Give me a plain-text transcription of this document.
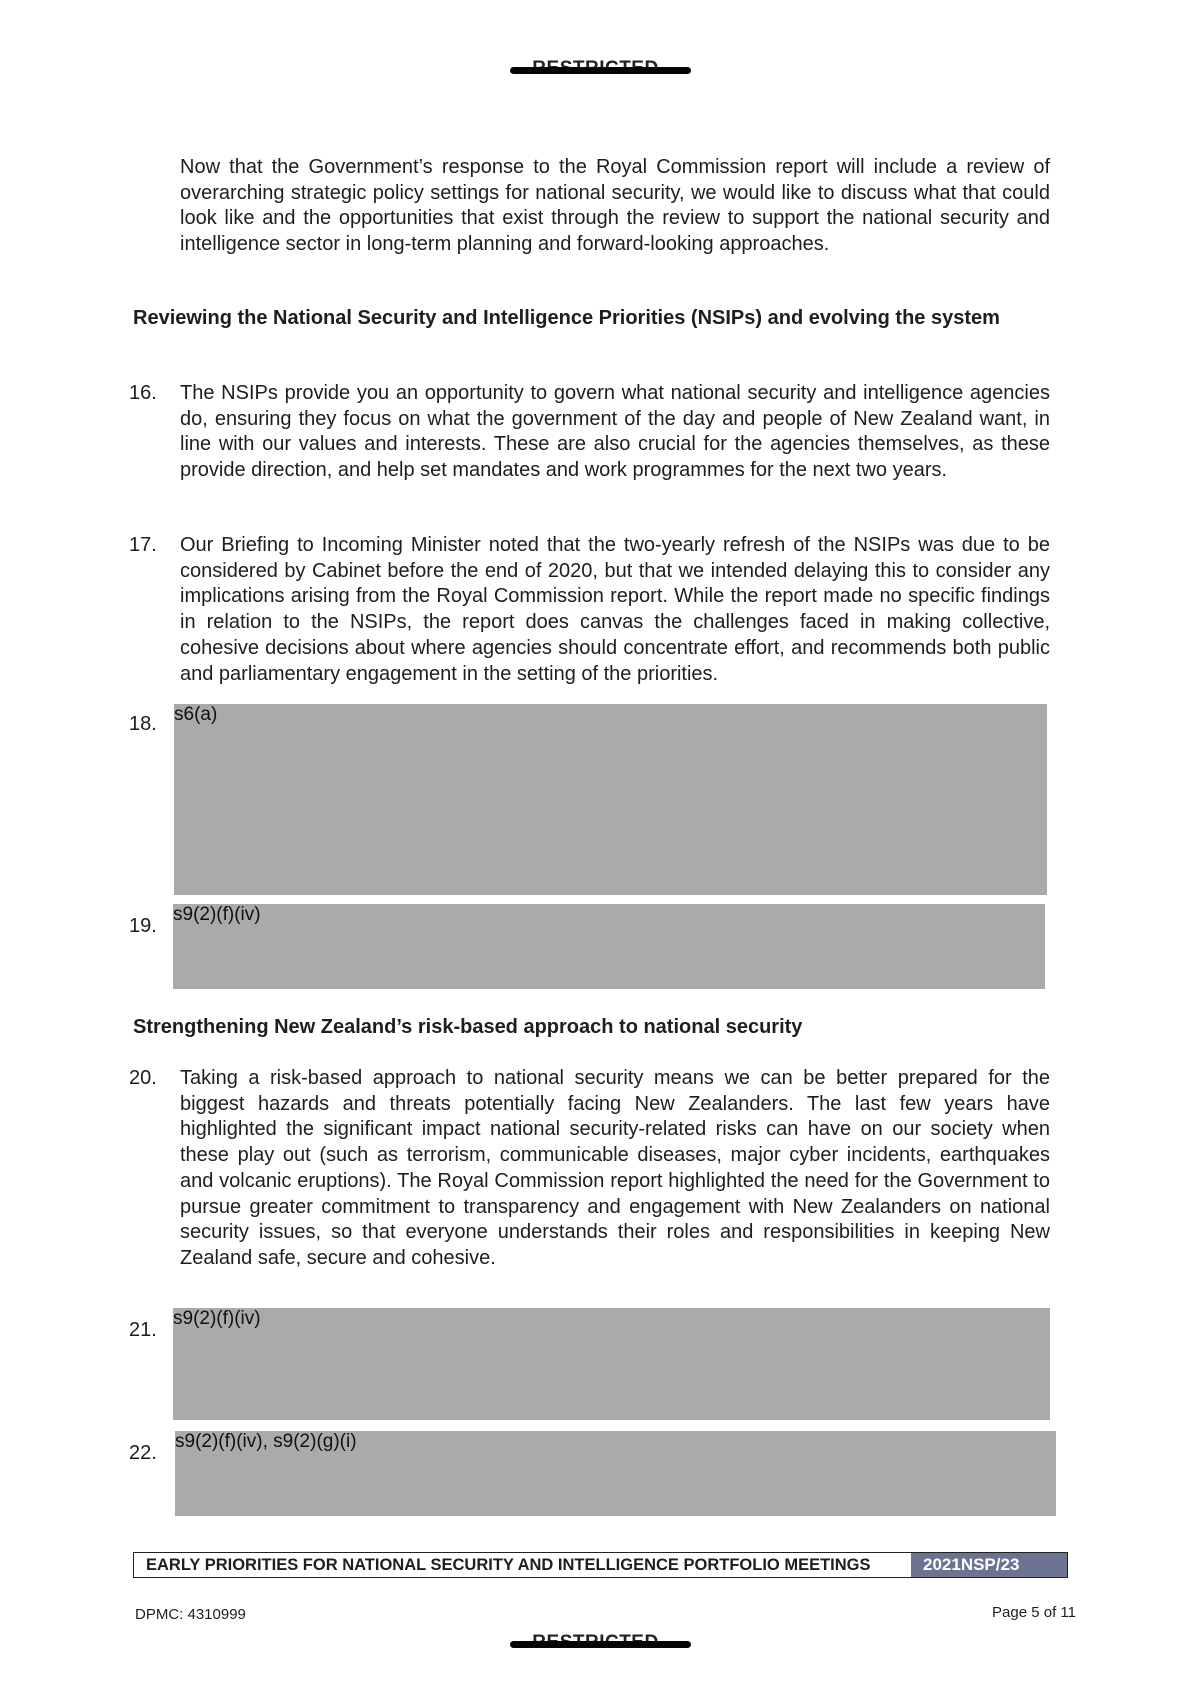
Now that the Government’s response to the Royal Commission report will include a review of overarching strategic policy settings for national security, we would like to discuss what that could look like and the opportunities that exist through the review to support the national security and intelligence sector in long-term planning and forward-looking approaches.
Reviewing the National Security and Intelligence Priorities (NSIPs) and evolving the system
16. The NSIPs provide you an opportunity to govern what national security and intelligence agencies do, ensuring they focus on what the government of the day and people of New Zealand want, in line with our values and interests. These are also crucial for the agencies themselves, as these provide direction, and help set mandates and work programmes for the next two years.
17. Our Briefing to Incoming Minister noted that the two-yearly refresh of the NSIPs was due to be considered by Cabinet before the end of 2020, but that we intended delaying this to consider any implications arising from the Royal Commission report. While the report made no specific findings in relation to the NSIPs, the report does canvas the challenges faced in making collective, cohesive decisions about where agencies should concentrate effort, and recommends both public and parliamentary engagement in the setting of the priorities.
18. s6(a)
19.
s9(2)(f)(iv)
Strengthening New Zealand’s risk-based approach to national security
20. Taking a risk-based approach to national security means we can be better prepared for the biggest hazards and threats potentially facing New Zealanders. The last few years have highlighted the significant impact national security-related risks can have on our society when these play out (such as terrorism, communicable diseases, major cyber incidents, earthquakes and volcanic eruptions). The Royal Commission report highlighted the need for the Government to pursue greater commitment to transparency and engagement with New Zealanders on national security issues, so that everyone understands their roles and responsibilities in keeping New Zealand safe, secure and cohesive.
21.
s9(2)(f)(iv)
22.
s9(2)(f)(iv), s9(2)(g)(i)
EARLY PRIORITIES FOR NATIONAL SECURITY AND INTELLIGENCE PORTFOLIO MEETINGS	2021NSP/23
DPMC: 4310999	Page 5 of 11
